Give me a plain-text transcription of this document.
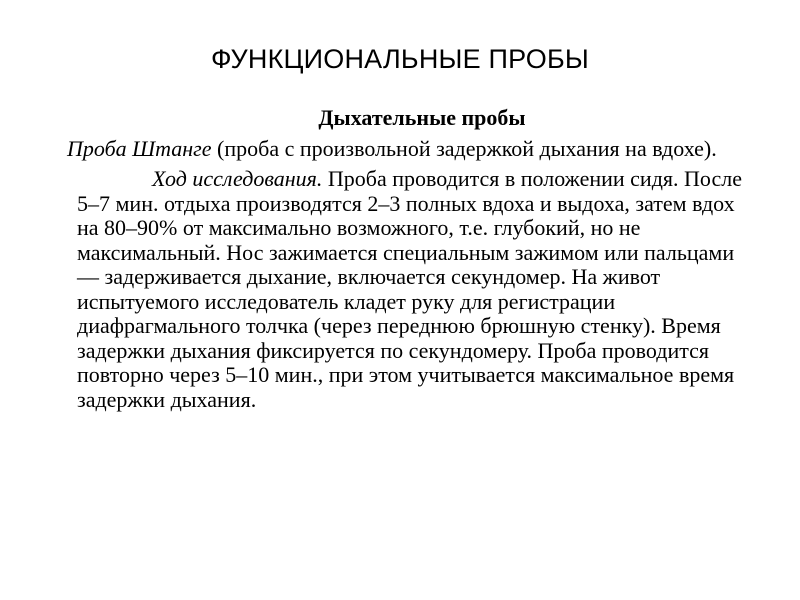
ФУНКЦИОНАЛЬНЫЕ ПРОБЫ

Дыхательные пробы

Проба Штанге (проба с произвольной задержкой дыхания на вдохе).

Ход исследования. Проба проводится в положении сидя. После 5–7 мин. отдыха производятся 2–3 полных вдоха и выдоха, затем вдох на 80–90% от максимально возможного, т.е. глубокий, но не максимальный. Нос зажимается специальным зажимом или пальцами — задерживается дыхание, включается секундомер. На живот испытуемого исследователь кладет руку для регистрации диафрагмального толчка (через переднюю брюшную стенку). Время задержки дыхания фиксируется по секундомеру. Проба проводится повторно через 5–10 мин., при этом учитывается максимальное время задержки дыхания.
